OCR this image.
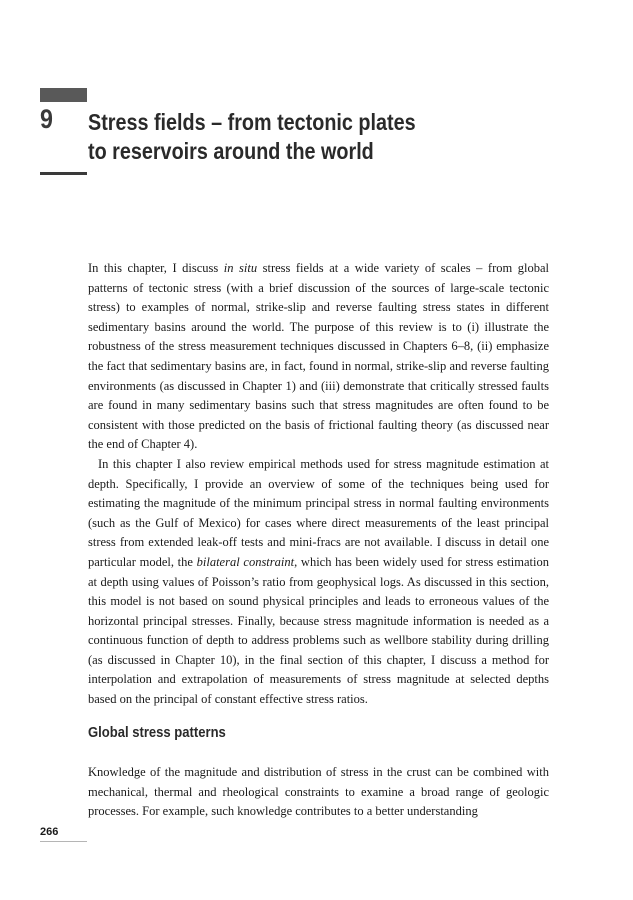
9 Stress fields – from tectonic plates
to reservoirs around the world

In this chapter, I discuss in situ stress fields at a wide variety of scales – from global patterns of tectonic stress (with a brief discussion of the sources of large-scale tectonic stress) to examples of normal, strike-slip and reverse faulting stress states in different sedimentary basins around the world. The purpose of this review is to (i) illustrate the robustness of the stress measurement techniques discussed in Chapters 6–8, (ii) emphasize the fact that sedimentary basins are, in fact, found in normal, strike-slip and reverse faulting environments (as discussed in Chapter 1) and (iii) demonstrate that critically stressed faults are found in many sedimentary basins such that stress magnitudes are often found to be consistent with those predicted on the basis of frictional faulting theory (as discussed near the end of Chapter 4).

In this chapter I also review empirical methods used for stress magnitude estimation at depth. Specifically, I provide an overview of some of the techniques being used for estimating the magnitude of the minimum principal stress in normal faulting environments (such as the Gulf of Mexico) for cases where direct measurements of the least principal stress from extended leak-off tests and mini-fracs are not available. I discuss in detail one particular model, the bilateral constraint, which has been widely used for stress estimation at depth using values of Poisson’s ratio from geophysical logs. As discussed in this section, this model is not based on sound physical principles and leads to erroneous values of the horizontal principal stresses. Finally, because stress magnitude information is needed as a continuous function of depth to address problems such as wellbore stability during drilling (as discussed in Chapter 10), in the final section of this chapter, I discuss a method for interpolation and extrapolation of measurements of stress magnitude at selected depths based on the principal of constant effective stress ratios.

Global stress patterns

Knowledge of the magnitude and distribution of stress in the crust can be combined with mechanical, thermal and rheological constraints to examine a broad range of geologic processes. For example, such knowledge contributes to a better understanding

266
